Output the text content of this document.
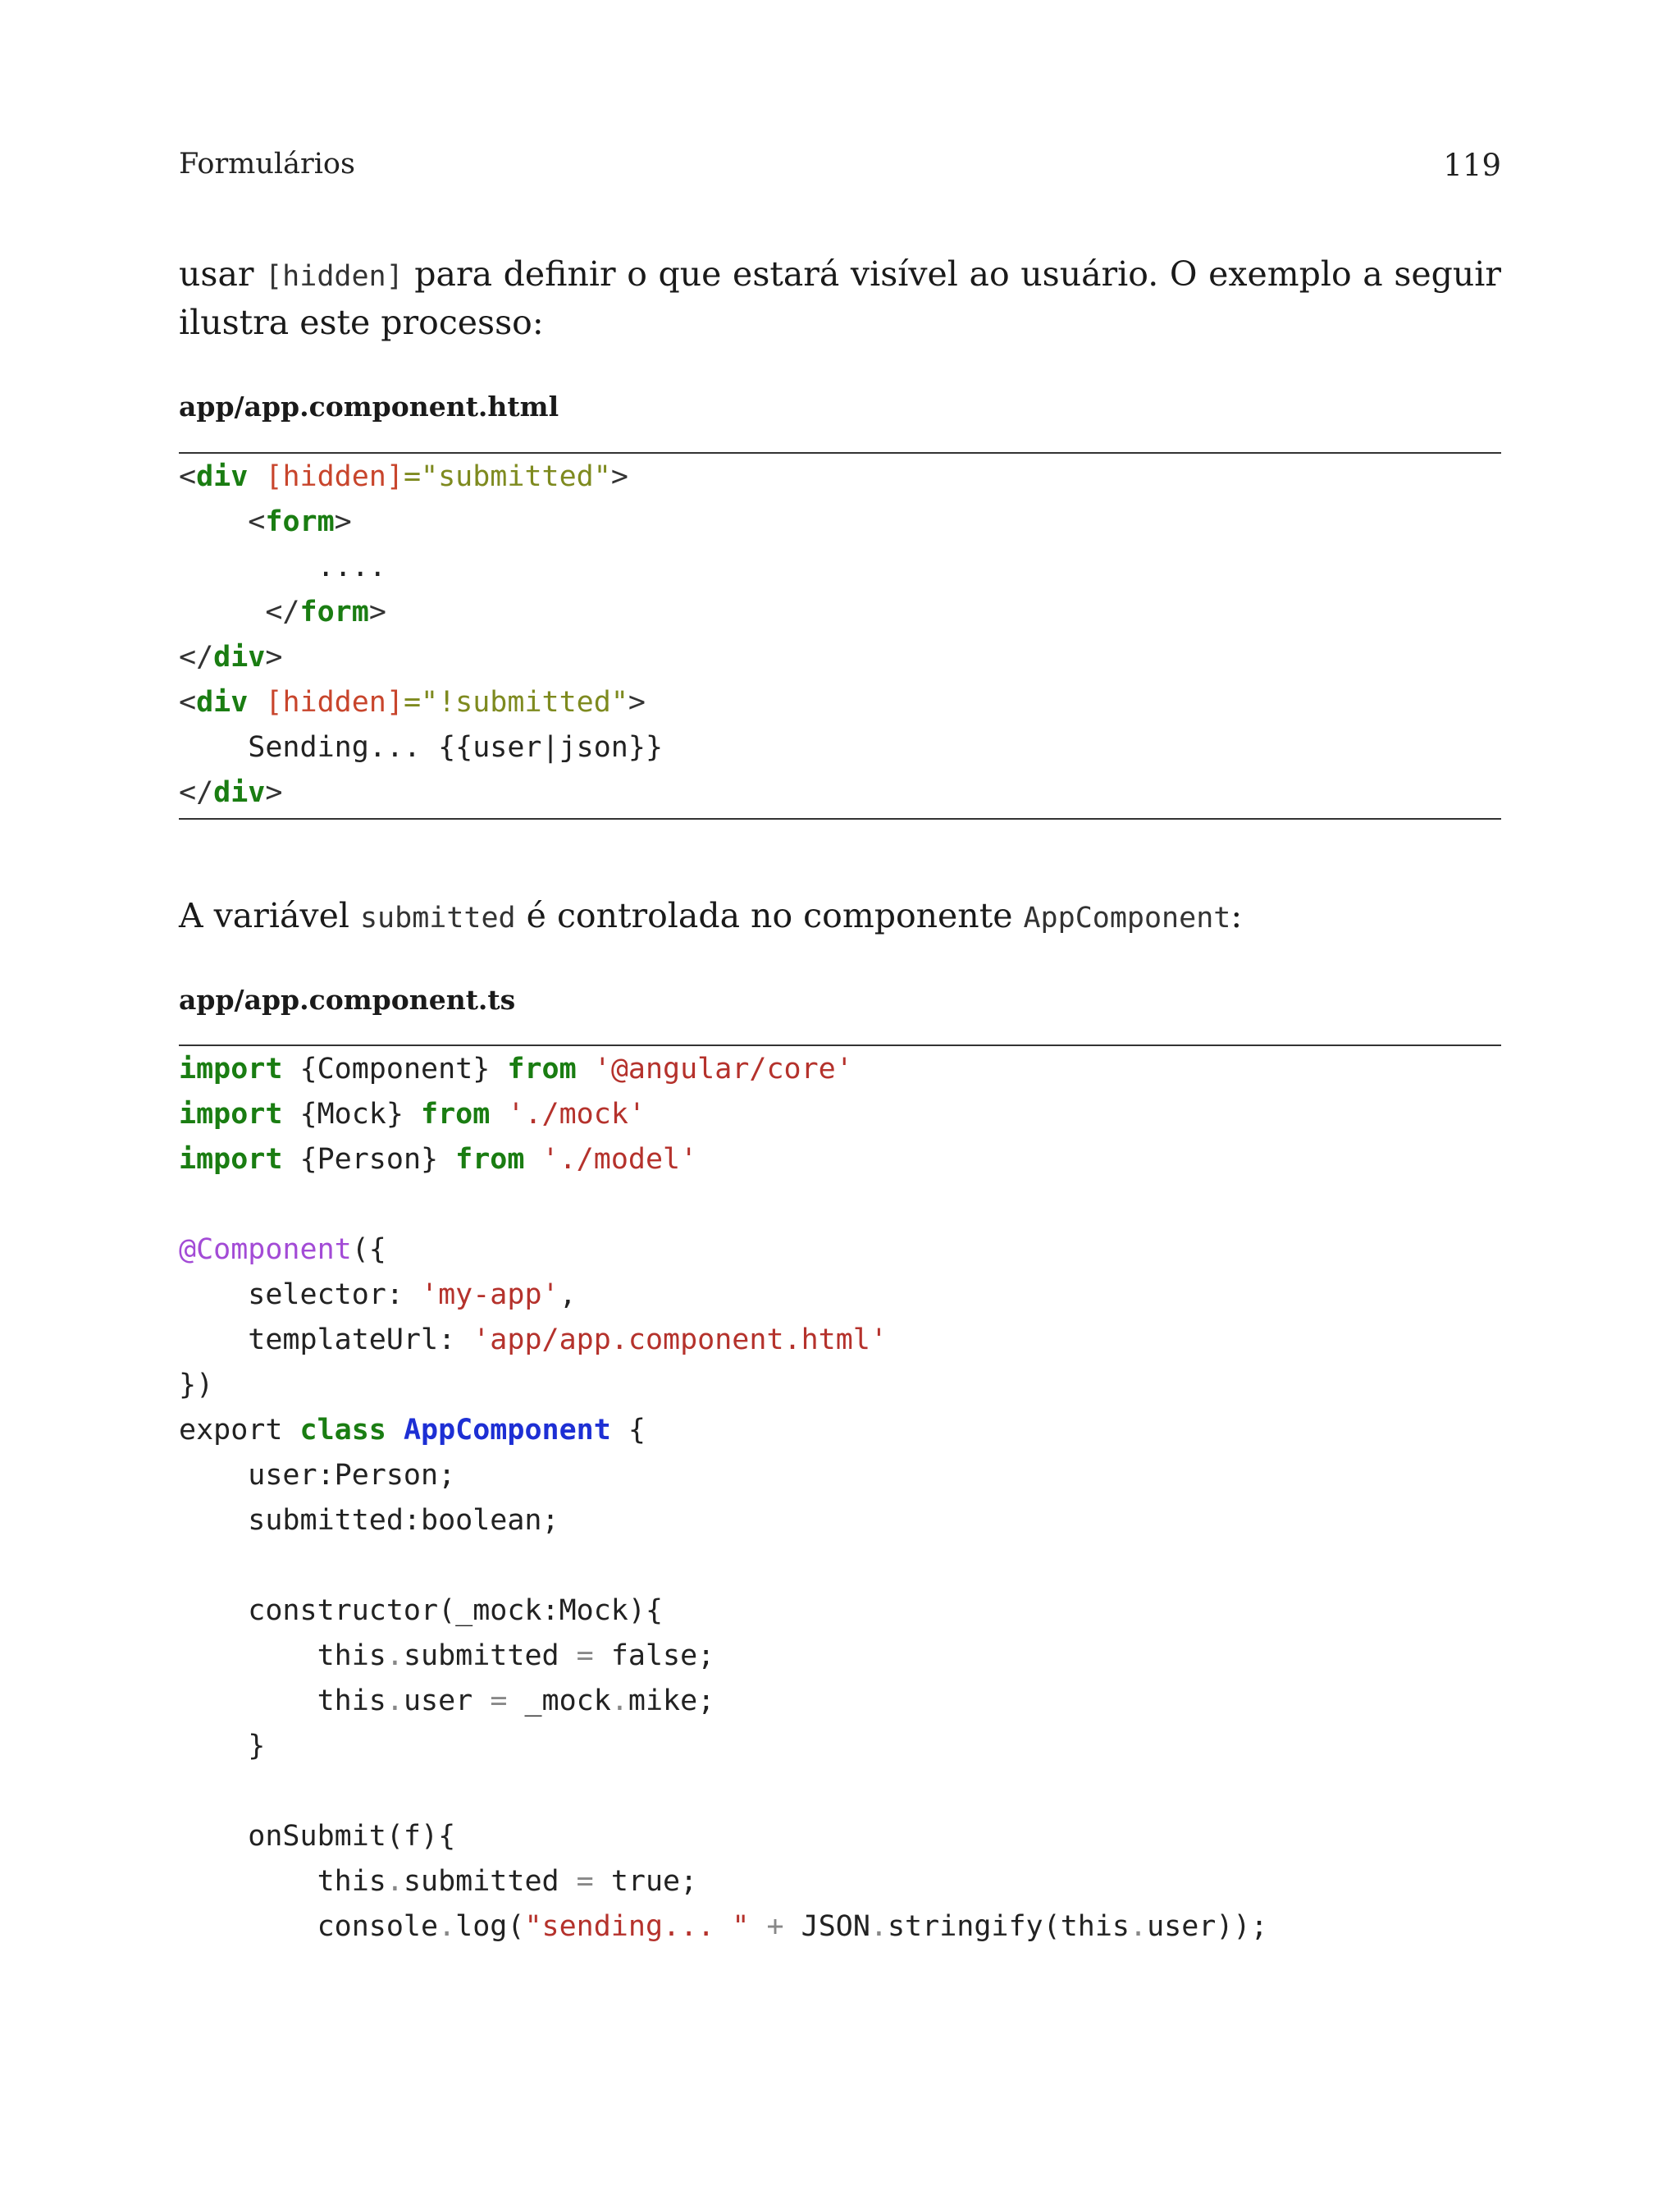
Formulários	119

usar [hidden] para definir o que estará visível ao usuário. O exemplo a seguir ilustra este processo:

app/app.component.html
<div [hidden]="submitted">
<form>
....
</form>
</div>
<div [hidden]="!submitted">
Sending... {{user|json}}
</div>

A variável submitted é controlada no componente AppComponent:

app/app.component.ts
import {Component} from '@angular/core'
import {Mock} from './mock'
import {Person} from './model'

@Component({
selector: 'my-app',
templateUrl: 'app/app.component.html'
})
export class AppComponent {
user:Person;
submitted:boolean;

constructor(_mock:Mock){
this.submitted = false;
this.user = _mock.mike;
}

onSubmit(f){
this.submitted = true;
console.log("sending... " + JSON.stringify(this.user));
